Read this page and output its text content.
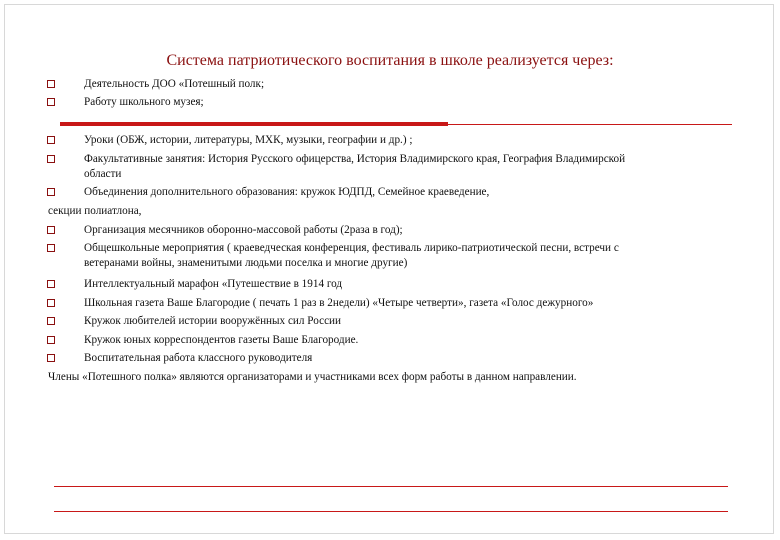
Система патриотического воспитания в школе реализуется через:
Деятельность ДОО «Потешный полк;
Работу школьного музея;
Уроки (ОБЖ, истории, литературы, МХК, музыки, географии и др.) ;
Факультативные занятия: История Русского офицерства, История Владимирского края, География Владимирской
области
Объединения дополнительного образования: кружок ЮДПД, Семейное краеведение,
секции полиатлона,
Организация месячников оборонно-массовой работы (2раза в год);
Общешкольные мероприятия ( краеведческая конференция, фестиваль лирико-патриотической песни, встречи с
ветеранами войны, знаменитыми людьми поселка и многие другие)
Интеллектуальный марафон «Путешествие в 1914 год
Школьная газета Ваше Благородие ( печать 1 раз в 2недели) «Четыре четверти», газета «Голос дежурного»
Кружок любителей истории вооружённых сил России
Кружок юных корреспондентов газеты Ваше Благородие.
Воспитательная работа классного руководителя
Члены «Потешного полка» являются организаторами и участниками всех форм работы в данном направлении.
